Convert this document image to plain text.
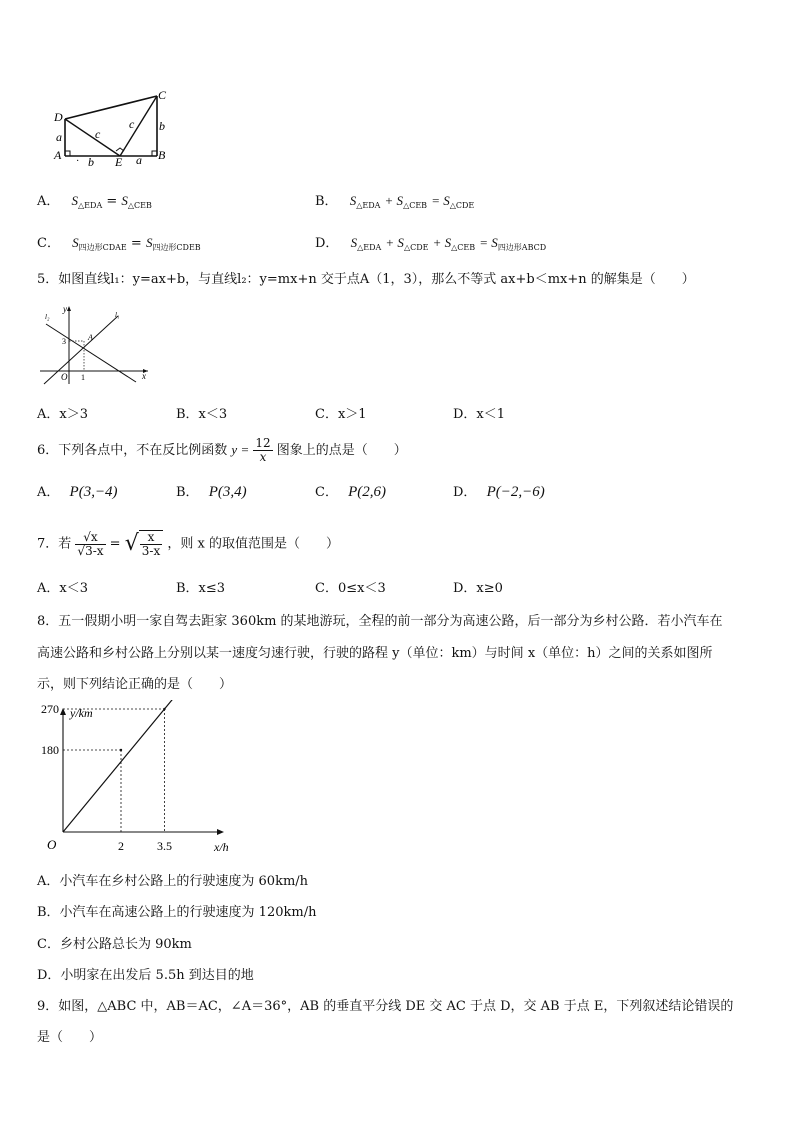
D
C
A	E	B
a	c
c b
· b	a
A． $S_{\triangle EDA} = S_{\triangle CEB}$	B． $S_{\triangle EDA} + S_{\triangle CEB} = S_{\triangle CDE}$
C． $S_{四边形CDAE} = S_{四边形CDEB}$	D． $S_{\triangle EDA} + S_{\triangle CDE} + S_{\triangle CEB} = S_{四边形ABCD}$
5．如图直线l₁：y=ax+b，与直线l₂：y=mx+n 交于点A（1，3），那么不等式 ax+b＜mx+n 的解集是（　　）
y
x
O 1
3	A
l₁
l₂
A．x＞3	B．x＜3	C．x＞1	D．x＜1
6．下列各点中，不在反比例函数 $y = \frac{12}{x}$ 图象上的点是（　　）
A． P(3,−4)	B． P(3,4)	C． P(2,6)	D． P(−2,−6)
7．若 $\frac{√x}{√3-x}$ = √ $\frac{x}{3-x}$ ，则 x 的取值范围是（　　）
A．x＜3	B．x≤3	C．0≤x＜3	D．x≥0
8．五一假期小明一家自驾去距家 360km 的某地游玩，全程的前一部分为高速公路，后一部分为乡村公路．若小汽车在
高速公路和乡村公路上分别以某一速度匀速行驶，行驶的路程 y（单位：km）与时间 x（单位：h）之间的关系如图所
示，则下列结论正确的是（　　）
2
180
3.5
270 y/km
x/h
O
A．小汽车在乡村公路上的行驶速度为 60km/h
B．小汽车在高速公路上的行驶速度为 120km/h
C．乡村公路总长为 90km
D．小明家在出发后 5.5h 到达目的地
9．如图，△ABC 中，AB＝AC，∠A＝36°，AB 的垂直平分线 DE 交 AC 于点 D，交 AB 于点 E，下列叙述结论错误的
是（　　）
